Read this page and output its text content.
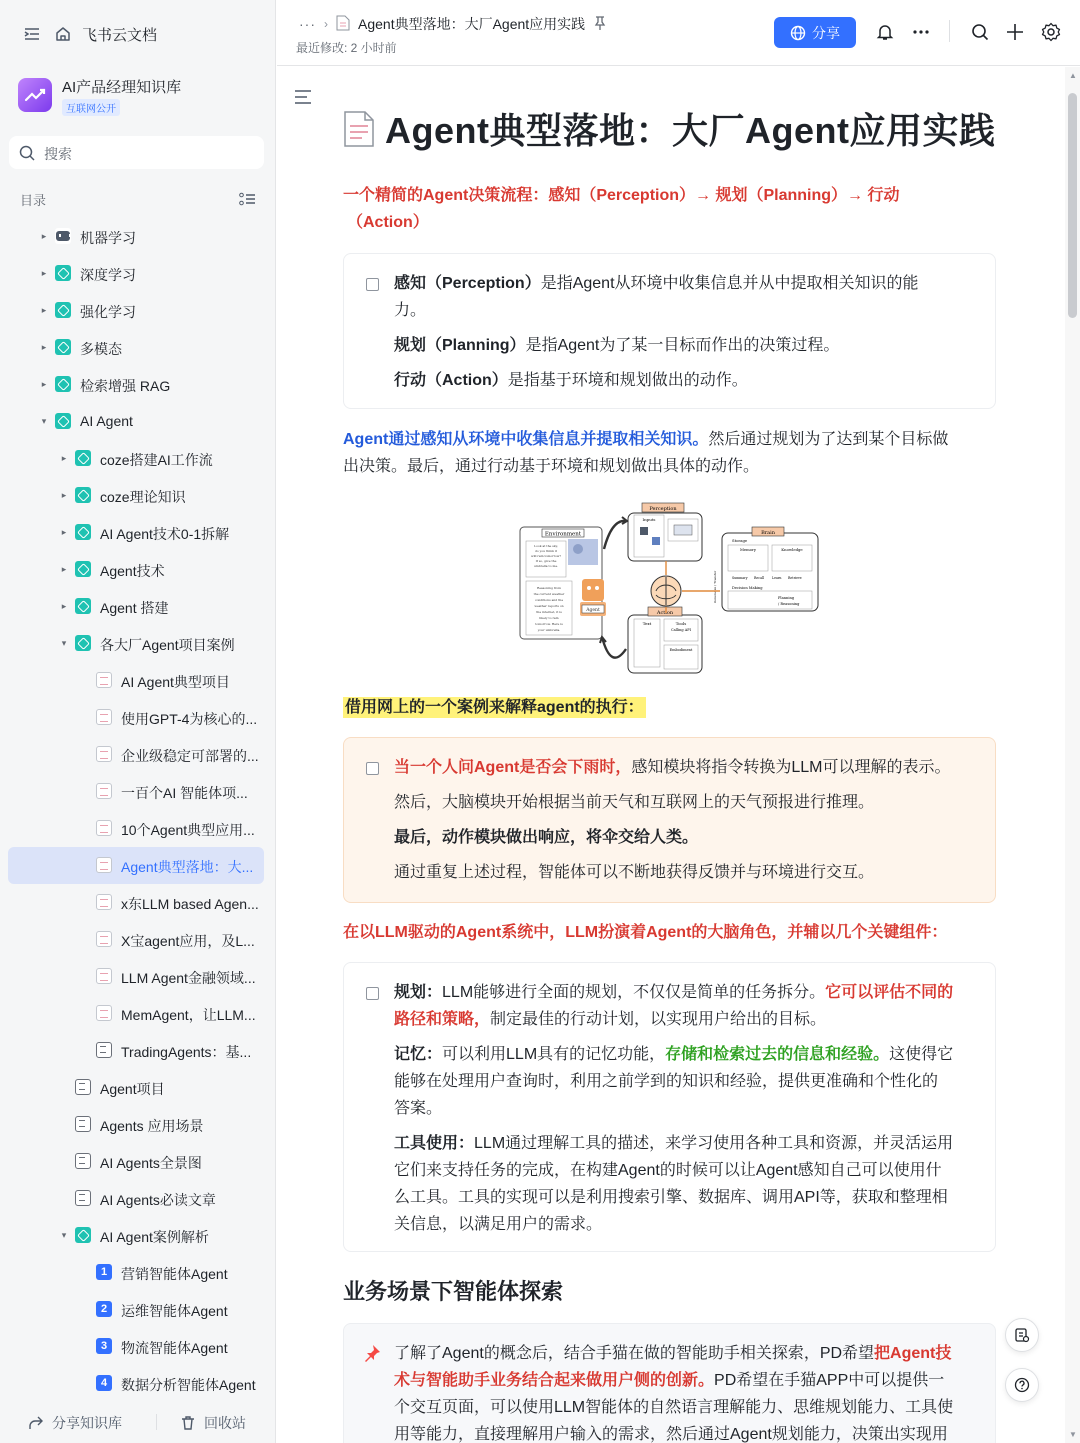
飞书云文档
AI产品经理知识库
互联网公开
搜索
目录
▸ 机器学习
▸ 深度学习
▸ 强化学习
▸ 多模态
▸ 检索增强 RAG
▾ AI Agent
▸ coze搭建AI工作流
▸ coze理论知识
▸ AI Agent技术0-1拆解
▸ Agent技术
▸ Agent 搭建
▾ 各大厂Agent项目案例
AI Agent典型项目
使用GPT-4为核心的...
企业级稳定可部署的...
一百个AI 智能体项...
10个Agent典型应用...
Agent典型落地：大...
x东LLM based Agen...
X宝agent应用，及L...
LLM Agent金融领域...
MemAgent，让LLM...
TradingAgents：基...
Agent项目
Agents 应用场景
AI Agents全景图
AI Agents必读文章
▾ AI Agent案例解析
1 营销智能体Agent
2 运维智能体Agent
3 物流智能体Agent
4 数据分析智能体Agent
分享知识库	回收站
··· › Agent典型落地：大厂Agent应用实践
最近修改: 2 小时前
分享
Agent典型落地：大厂Agent应用实践
一个精简的Agent决策流程：感知（Perception）→ 规划（Planning）→ 行动
（Action）
感知（Perception）是指Agent从环境中收集信息并从中提取相关知识的能
力。
规划（Planning）是指Agent为了某一目标而作出的决策过程。
行动（Action）是指基于环境和规划做出的动作。
Agent通过感知从环境中收集信息并提取相关知识。然后通过规划为了达到某个目标做
出决策。最后，通过行动基于环境和规划做出具体的动作。
Environment
Look at the sky,
do you think it
will rain tomorrow?
If so, give the
umbrella to me.
Reasoning from
the current weather
conditions and the
weather reports on
the internet, it is
likely to rain
tomorrow. Here is
your umbrella.
Agent
Perception
Inputs
Action
Text	Tools
Calling API
Embodiment
Brain
Storage
Memory	Knowledge
Summary Recall Learn Retrieve
Decision Making
Planning
/ Reasoning
Generalize / Transfer
借用网上的一个案例来解释agent的执行：
当一个人问Agent是否会下雨时，感知模块将指令转换为LLM可以理解的表示。
然后，大脑模块开始根据当前天气和互联网上的天气预报进行推理。
最后，动作模块做出响应，将伞交给人类。
通过重复上述过程，智能体可以不断地获得反馈并与环境进行交互。
在以LLM驱动的Agent系统中，LLM扮演着Agent的大脑角色，并辅以几个关键组件：
规划：LLM能够进行全面的规划，不仅仅是简单的任务拆分。它可以评估不同的
路径和策略，制定最佳的行动计划，以实现用户给出的目标。
记忆：可以利用LLM具有的记忆功能，存储和检索过去的信息和经验。这使得它
能够在处理用户查询时，利用之前学到的知识和经验，提供更准确和个性化的
答案。
工具使用：LLM通过理解工具的描述，来学习使用各种工具和资源，并灵活运用
它们来支持任务的完成，在构建Agent的时候可以让Agent感知自己可以使用什
么工具。工具的实现可以是利用搜索引擎、数据库、调用API等，获取和整理相
关信息，以满足用户的需求。
业务场景下智能体探索
了解了Agent的概念后，结合手猫在做的智能助手相关探索，PD希望把Agent技
术与智能助手业务结合起来做用户侧的创新。PD希望在手猫APP中可以提供一
个交互页面，可以使用LLM智能体的自然语言理解能力、思维规划能力、工具使
用等能力，直接理解用户输入的需求，然后通过Agent规划能力，决策出实现用
▲
▼
